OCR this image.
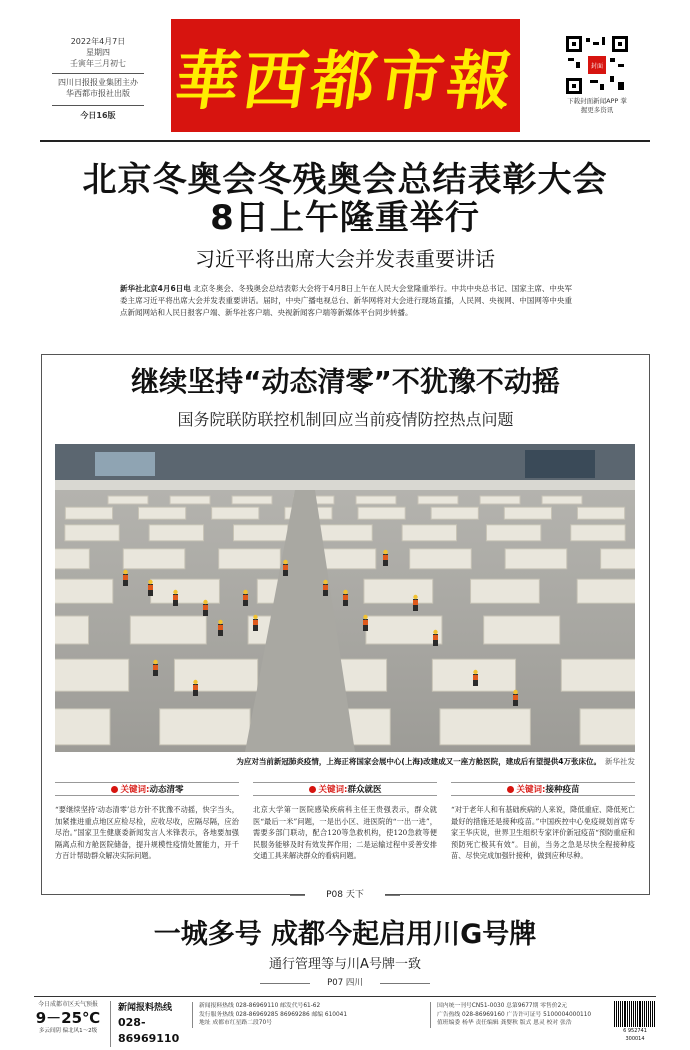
2022年4月7日
星期四
壬寅年三月初七
四川日报报业集团主办
华西都市报社出版
今日16版 華西都市報	封面
下载封面新闻APP 掌握更多资讯
北京冬奥会冬残奥会总结表彰大会
8日上午隆重举行
习近平将出席大会并发表重要讲话

新华社北京4月6日电 北京冬奥会、冬残奥会总结表彰大会将于4月8日上午在人民大会堂隆重举行。中共中央总书记、国家主席、中央军委主席习近平将出席大会并发表重要讲话。届时，中央广播电视总台、新华网将对大会进行现场直播，人民网、央视网、中国网等中央重点新闻网站和人民日报客户端、新华社客户端、央视新闻客户端等新媒体平台同步转播。

继续坚持“动态清零”不犹豫不动摇
国务院联防联控机制回应当前疫情防控热点问题
为应对当前新冠肺炎疫情，上海正将国家会展中心(上海)改建成又一座方舱医院，建成后有望提供4万张床位。 新华社发
关键词: 动态清零

“要继续坚持‘动态清零’总方针不犹豫不动摇，快字当头，加紧推进重点地区应检尽检，应收尽收，应隔尽隔，应治尽治。”国家卫生健康委新闻发言人米锋表示，各地要加强隔离点和方舱医院储备，提升规模性疫情处置能力，开千方百计帮助群众解决实际问题。

关键词: 群众就医

北京大学第一医院感染疾病科主任王贵强表示，群众就医“最后一米”问题，一是出小区、进医院的“一出一进”，需要多部门联动，配合120等急救机构，使120急救等便民服务能够及时有效发挥作用；二是运输过程中妥善安排交通工具来解决群众的看病问题。

关键词: 接种疫苗

“对于老年人和有基础疾病的人来说，降低重症、降低死亡最好的措施还是接种疫苗。”中国疾控中心免疫规划首席专家王华庆说，世界卫生组织专家评价新冠疫苗“预防重症和预防死亡极其有效”。目前，当务之急是尽快全程接种疫苗、尽快完成加强针接种，做到应种尽种。

P08 天下
一城多号 成都今起启用川G号牌
通行管理等与川A号牌一致
P07 四川
今日成都市区天气预报
9－25℃
多云间阴 偏北风1～2级
新闻报料热线
028-86969110
新闻报料热线 028-86969110 邮发代号61-62
发行服务热线 028-86969285 86969286 邮编 610041
地址 成都市红星路二段70号
国内统一刊号CN51-0030 总第9677期 零售价2元
广告热线 028-86969160 广告许可证号 5100004000110
值班编委 杨华 责任编辑 龚婴秋 版式 恩灵 校对 张浩
6 952741 300014
